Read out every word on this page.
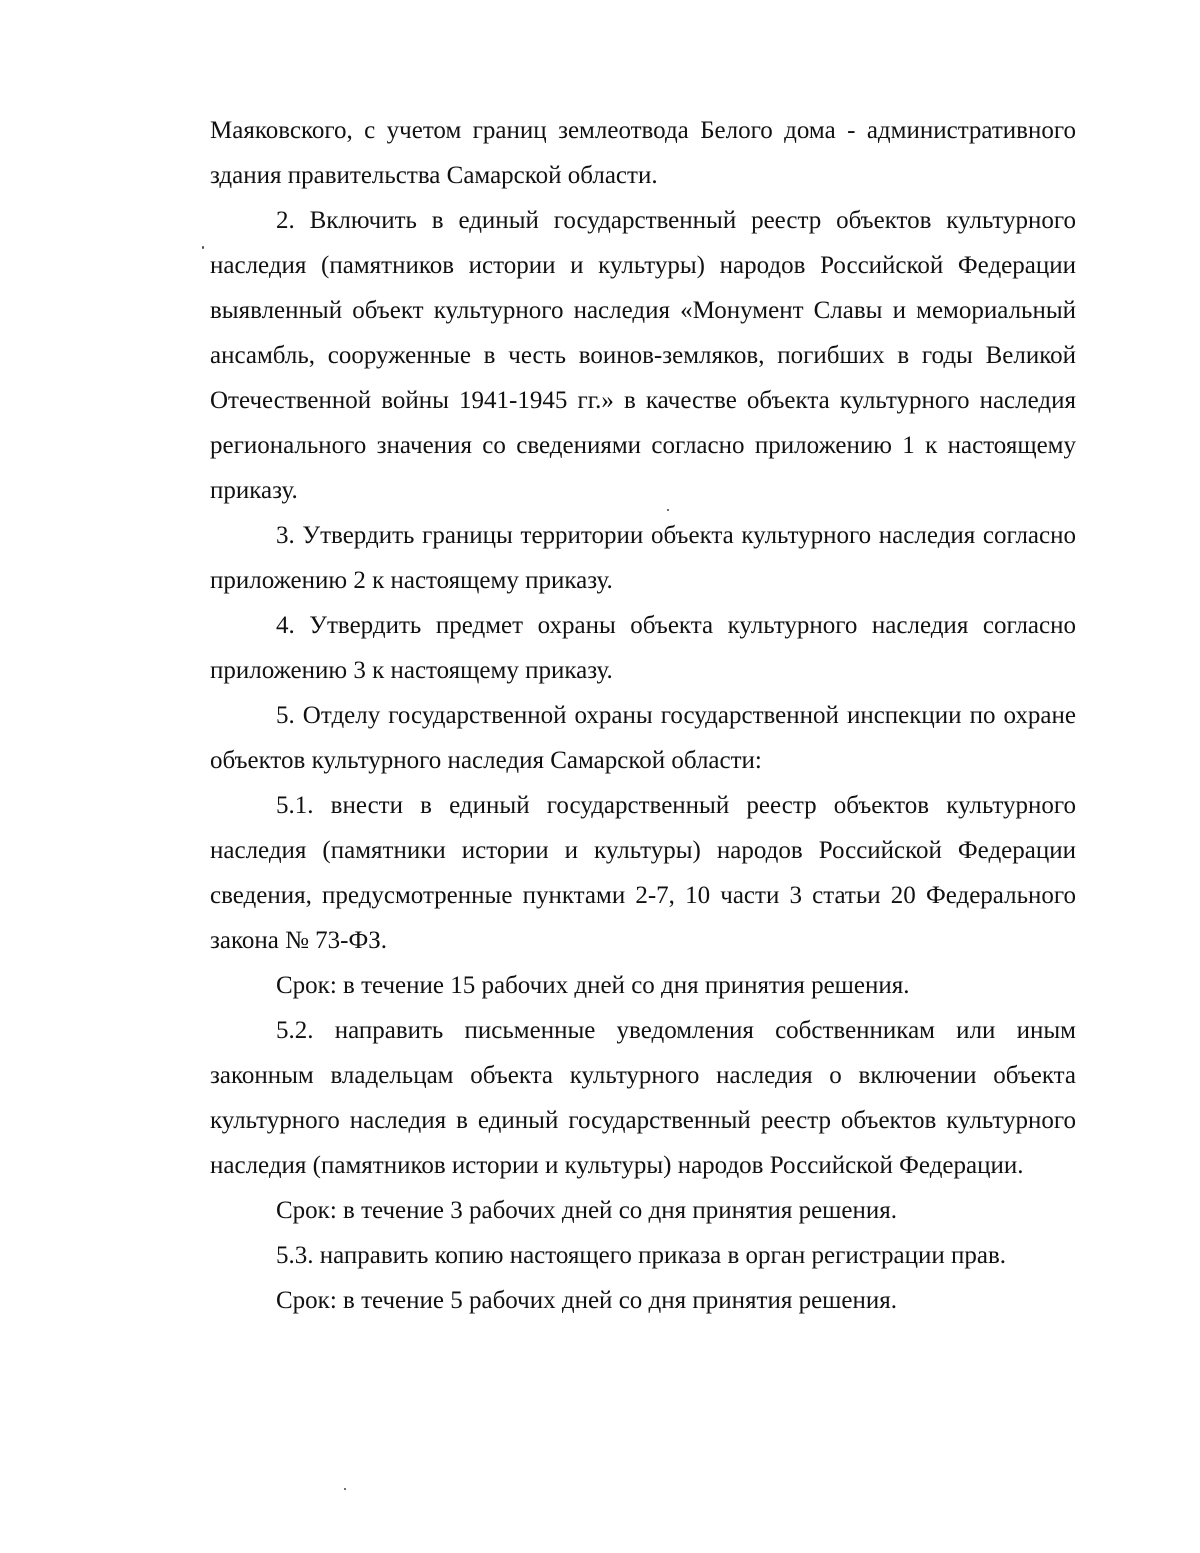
Маяковского, с учетом границ землеотвода Белого дома - административного здания правительства Самарской области.

2. Включить в единый государственный реестр объектов культурного наследия (памятников истории и культуры) народов Российской Федерации выявленный объект культурного наследия «Монумент Славы и мемориальный ансамбль, сооруженные в честь воинов-земляков, погибших в годы Великой Отечественной войны 1941-1945 гг.» в качестве объекта культурного наследия регионального значения со сведениями согласно приложению 1 к настоящему приказу.

3. Утвердить границы территории объекта культурного наследия согласно приложению 2 к настоящему приказу.

4. Утвердить предмет охраны объекта культурного наследия согласно приложению 3 к настоящему приказу.

5. Отделу государственной охраны государственной инспекции по охране объектов культурного наследия Самарской области:

5.1. внести в единый государственный реестр объектов культурного наследия (памятники истории и культуры) народов Российской Федерации сведения, предусмотренные пунктами 2-7, 10 части 3 статьи 20 Федерального закона № 73-ФЗ.

Срок: в течение 15 рабочих дней со дня принятия решения.

5.2. направить письменные уведомления собственникам или иным законным владельцам объекта культурного наследия о включении объекта культурного наследия в единый государственный реестр объектов культурного наследия (памятников истории и культуры) народов Российской Федерации.

Срок: в течение 3 рабочих дней со дня принятия решения.

5.3. направить копию настоящего приказа в орган регистрации прав.

Срок: в течение 5 рабочих дней со дня принятия решения.
